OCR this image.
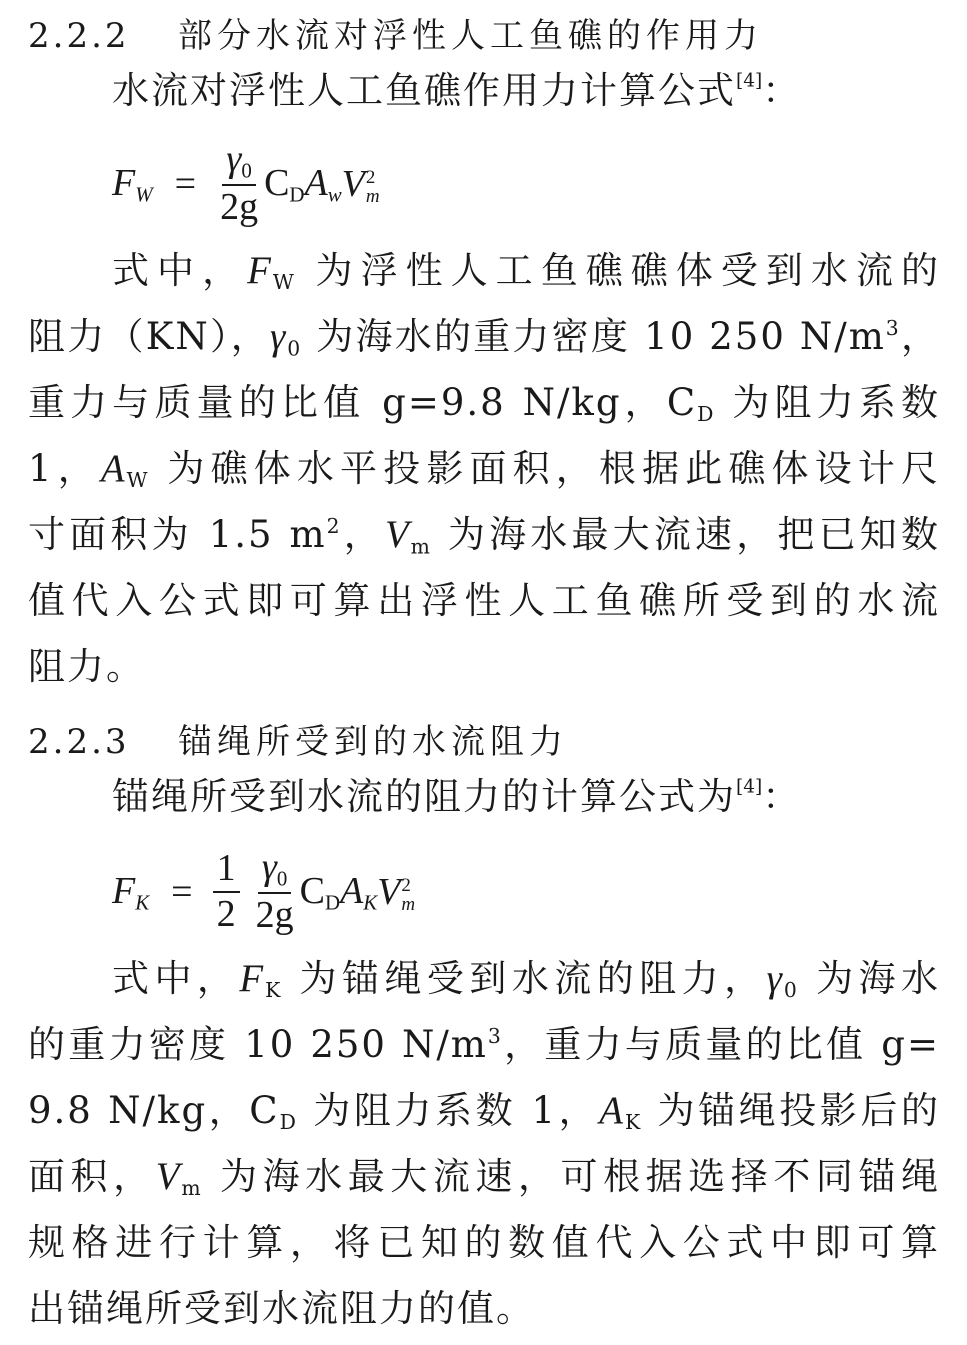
2.2.2 部分水流对浮性人工鱼礁的作用力

水流对浮性人工鱼礁作用力计算公式[4]：

$F_W = \frac{\gamma_0}{2g} C_D$ $A_w$ V 2
m

式中，$F_W$ 为浮性人工鱼礁礁体受到水流的

阻力（KN），$\gamma_0$ 为海水的重力密度 10 250 $N/m^3$，

重力与质量的比值 g=9.8 N/kg，$C_D$ 为阻力系数

1，$A_W$ 为礁体水平投影面积，根据此礁体设计尺

寸面积为 1.5 $m^2$，$V_m$ 为海水最大流速，把已知数

值代入公式即可算出浮性人工鱼礁所受到的水流

阻力。

2.2.3 锚绳所受到的水流阻力

锚绳所受到水流的阻力的计算公式为[4]：

$F_K = \frac{1}{2} \frac{\gamma_0}{2g} C_D$ $A_K$ V 2
m

式中，$F_K$ 为锚绳受到水流的阻力，$\gamma_0$ 为海水

的重力密度 10 250 $N/m^3$，重力与质量的比值 g=

9.8 N/kg，$C_D$ 为阻力系数 1，$A_K$ 为锚绳投影后的

面积，$V_m$ 为海水最大流速，可根据选择不同锚绳

规格进行计算，将已知的数值代入公式中即可算

出锚绳所受到水流阻力的值。
